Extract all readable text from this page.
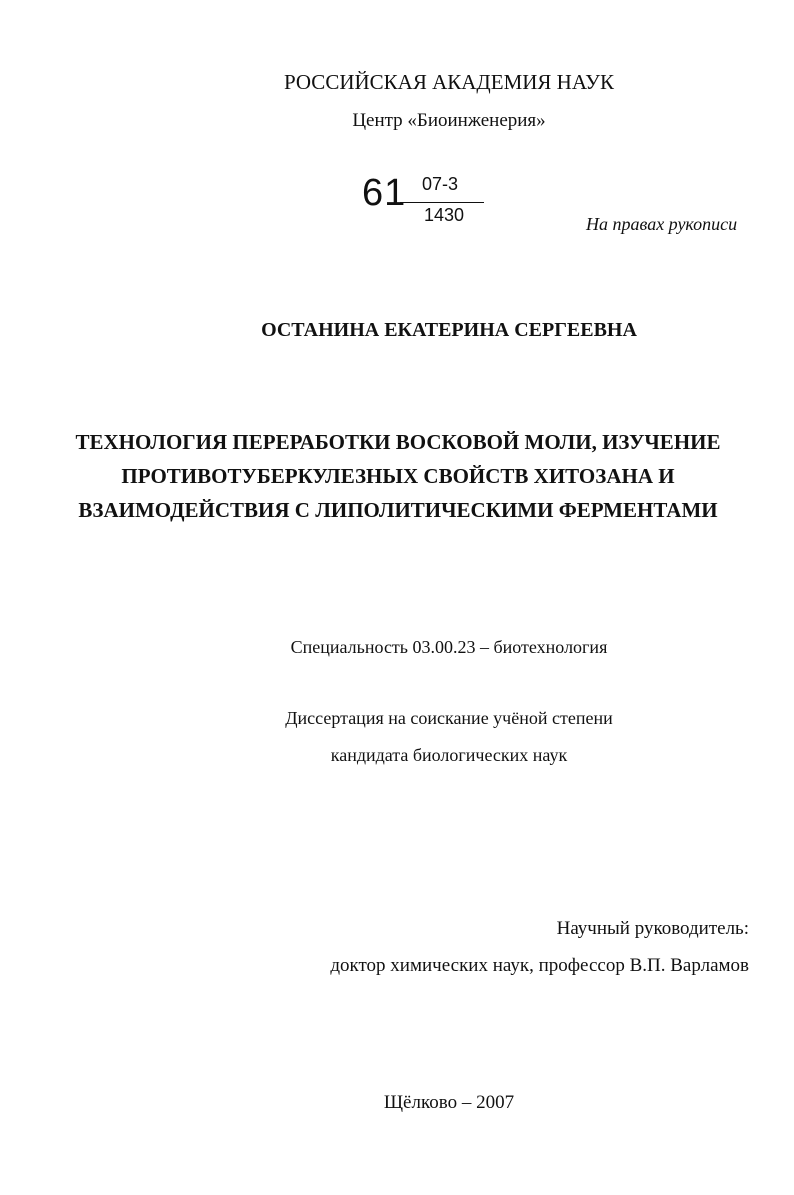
РОССИЙСКАЯ АКАДЕМИЯ НАУК
Центр «Биоинженерия»
61 07-3
1430	На правах рукописи
ОСТАНИНА ЕКАТЕРИНА СЕРГЕЕВНА
ТЕХНОЛОГИЯ ПЕРЕРАБОТКИ ВОСКОВОЙ МОЛИ, ИЗУЧЕНИЕ
ПРОТИВОТУБЕРКУЛЕЗНЫХ СВОЙСТВ ХИТОЗАНА И
ВЗАИМОДЕЙСТВИЯ С ЛИПОЛИТИЧЕСКИМИ ФЕРМЕНТАМИ
Специальность 03.00.23 – биотехнология
Диссертация на соискание учёной степени
кандидата биологических наук
Научный руководитель:
доктор химических наук, профессор В.П. Варламов
Щёлково – 2007
